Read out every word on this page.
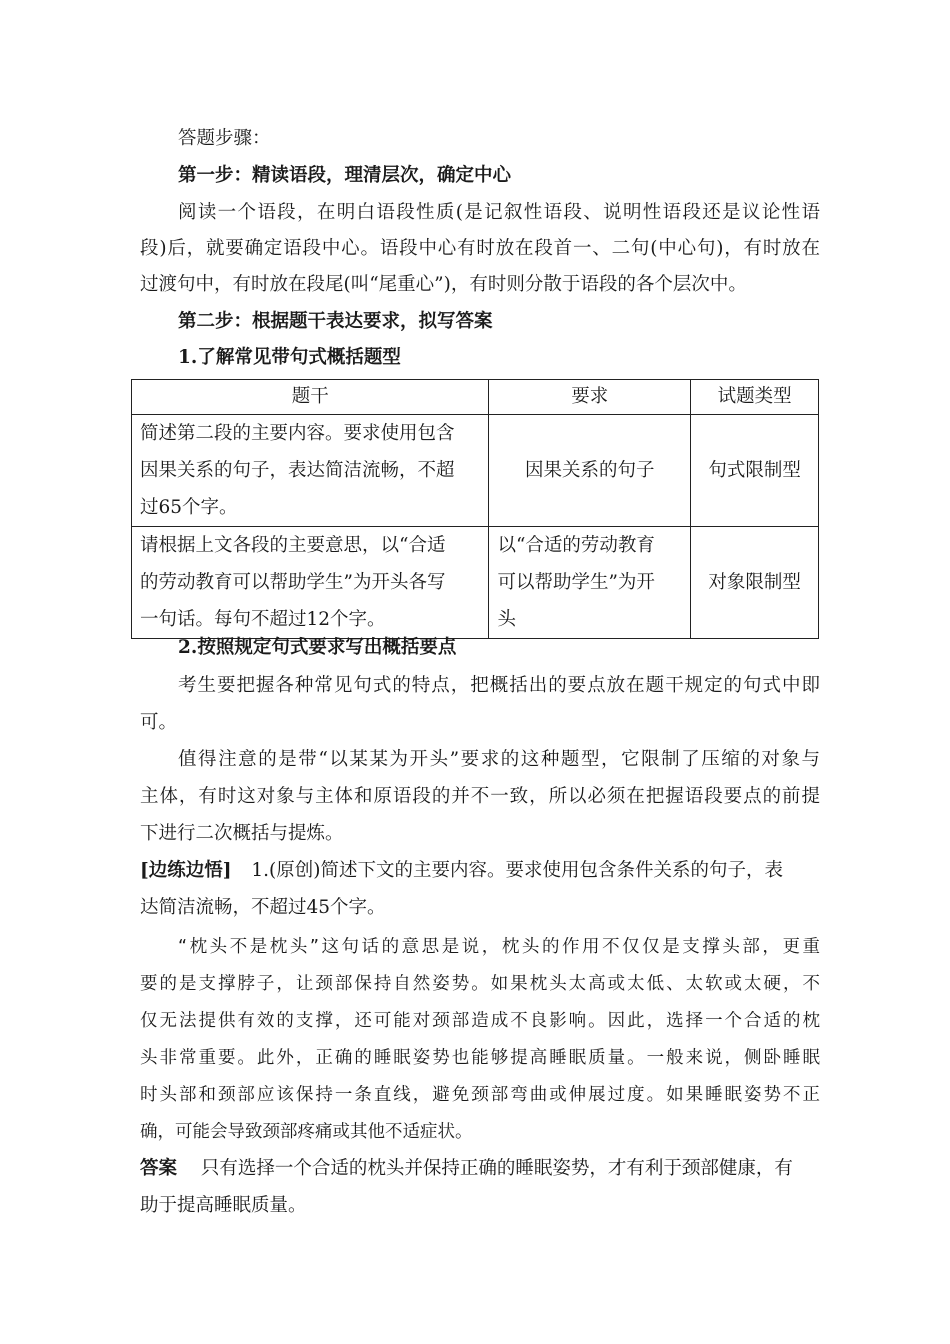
答题步骤：
第一步：精读语段，理清层次，确定中心
阅读一个语段，在明白语段性质(是记叙性语段、说明性语段还是议论性语
段)后，就要确定语段中心。语段中心有时放在段首一、二句(中心句)，有时放在
过渡句中，有时放在段尾(叫“尾重心”)，有时则分散于语段的各个层次中。
第二步：根据题干表达要求，拟写答案
1.了解常见带句式概括题型
题干	要求	试题类型

简述第二段的主要内容。要求使用包含
因果关系的句子，表达简洁流畅，不超
过65个字。	因果关系的句子	句式限制型

请根据上文各段的主要意思，以“合适
的劳动教育可以帮助学生”为开头各写
一句话。每句不超过12个字。	以“合适的劳动教育
可以帮助学生”为开
头	对象限制型
2.按照规定句式要求写出概括要点
考生要把握各种常见句式的特点，把概括出的要点放在题干规定的句式中即
可。
值得注意的是带“以某某为开头”要求的这种题型，它限制了压缩的对象与
主体，有时这对象与主体和原语段的并不一致，所以必须在把握语段要点的前提
下进行二次概括与提炼。
[边练边悟] 1.(原创)简述下文的主要内容。要求使用包含条件关系的句子，表
达简洁流畅，不超过45个字。
“枕头不是枕头”这句话的意思是说，枕头的作用不仅仅是支撑头部，更重
要的是支撑脖子，让颈部保持自然姿势。如果枕头太高或太低、太软或太硬，不
仅无法提供有效的支撑，还可能对颈部造成不良影响。因此，选择一个合适的枕
头非常重要。此外，正确的睡眠姿势也能够提高睡眠质量。一般来说，侧卧睡眠
时头部和颈部应该保持一条直线，避免颈部弯曲或伸展过度。如果睡眠姿势不正
确，可能会导致颈部疼痛或其他不适症状。
答案 只有选择一个合适的枕头并保持正确的睡眠姿势，才有利于颈部健康，有
助于提高睡眠质量。
